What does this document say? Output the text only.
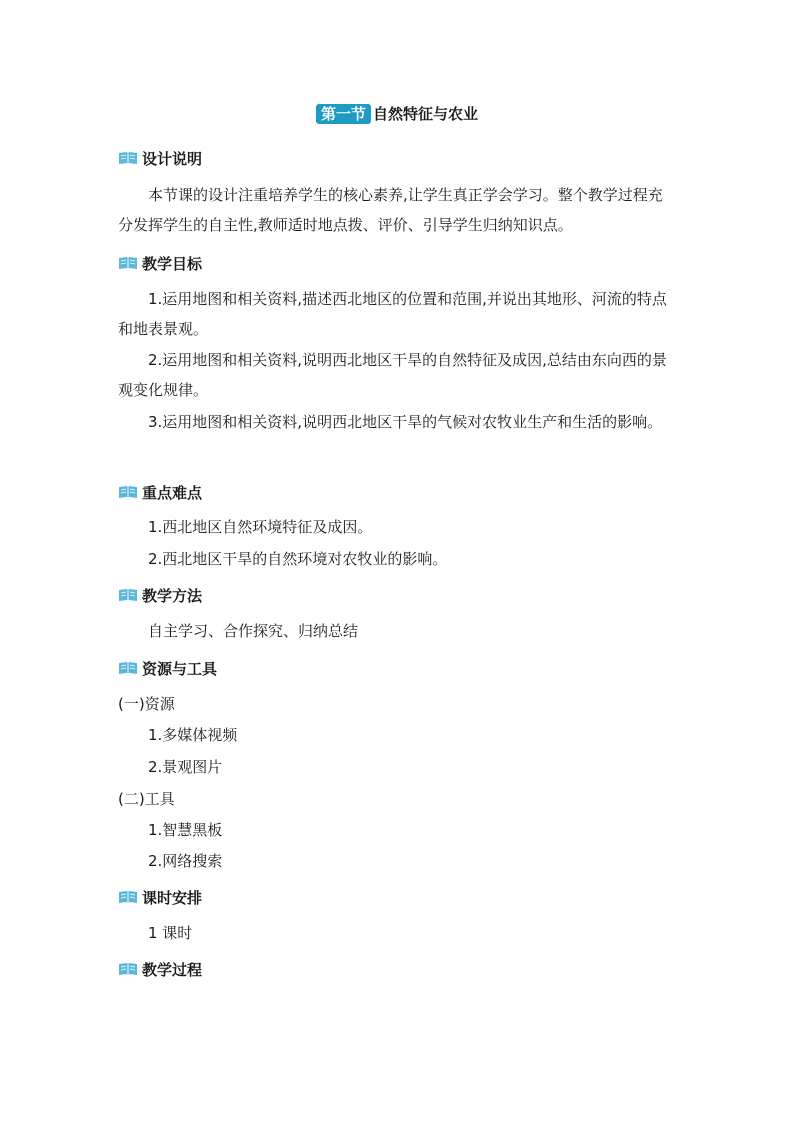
第一节 自然特征与农业
设计说明

本节课的设计注重培养学生的核心素养,让学生真正学会学习。整个教学过程充分发挥学生的自主性,教师适时地点拨、评价、引导学生归纳知识点。

教学目标

1.运用地图和相关资料,描述西北地区的位置和范围,并说出其地形、河流的特点和地表景观。

2.运用地图和相关资料,说明西北地区干旱的自然特征及成因,总结由东向西的景观变化规律。

3.运用地图和相关资料,说明西北地区干旱的气候对农牧业生产和生活的影响。

重点难点
1.西北地区自然环境特征及成因。
2.西北地区干旱的自然环境对农牧业的影响。
教学方法
自主学习、合作探究、归纳总结
资源与工具
(一)资源
1.多媒体视频
2.景观图片
(二)工具
1.智慧黑板
2.网络搜索
课时安排
1 课时
教学过程
